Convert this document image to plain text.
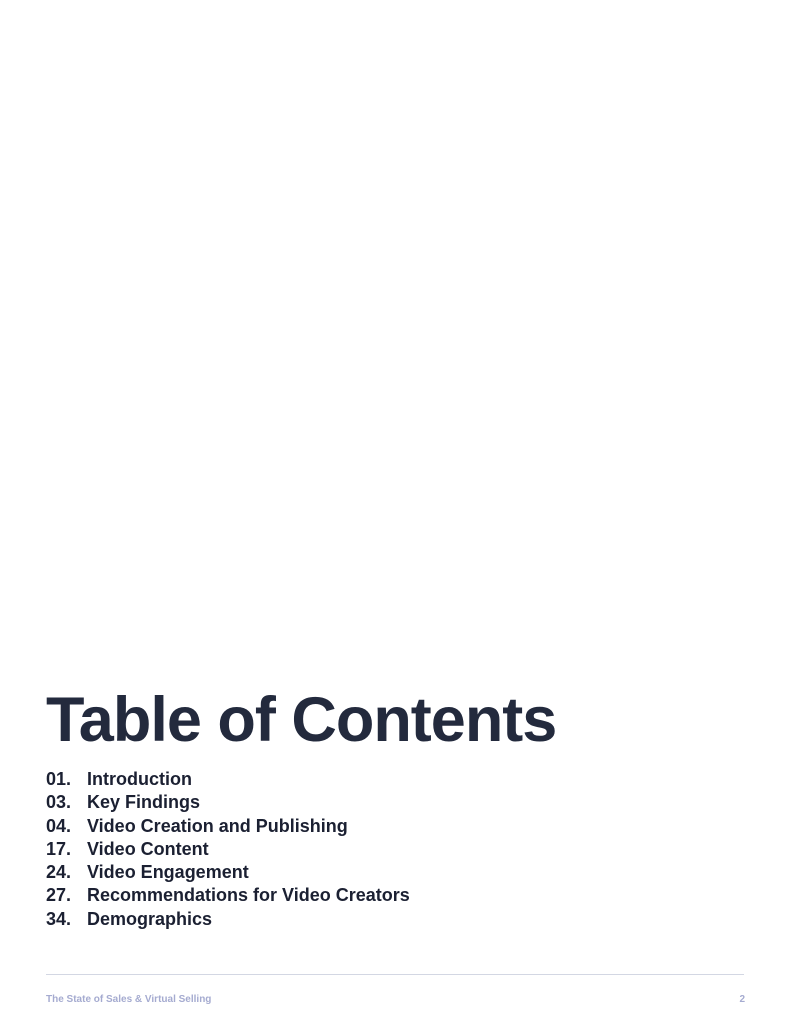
Table of Contents
01. Introduction
03. Key Findings
04. Video Creation and Publishing
17. Video Content
24. Video Engagement
27. Recommendations for Video Creators
34. Demographics
The State of Sales & Virtual Selling	2
